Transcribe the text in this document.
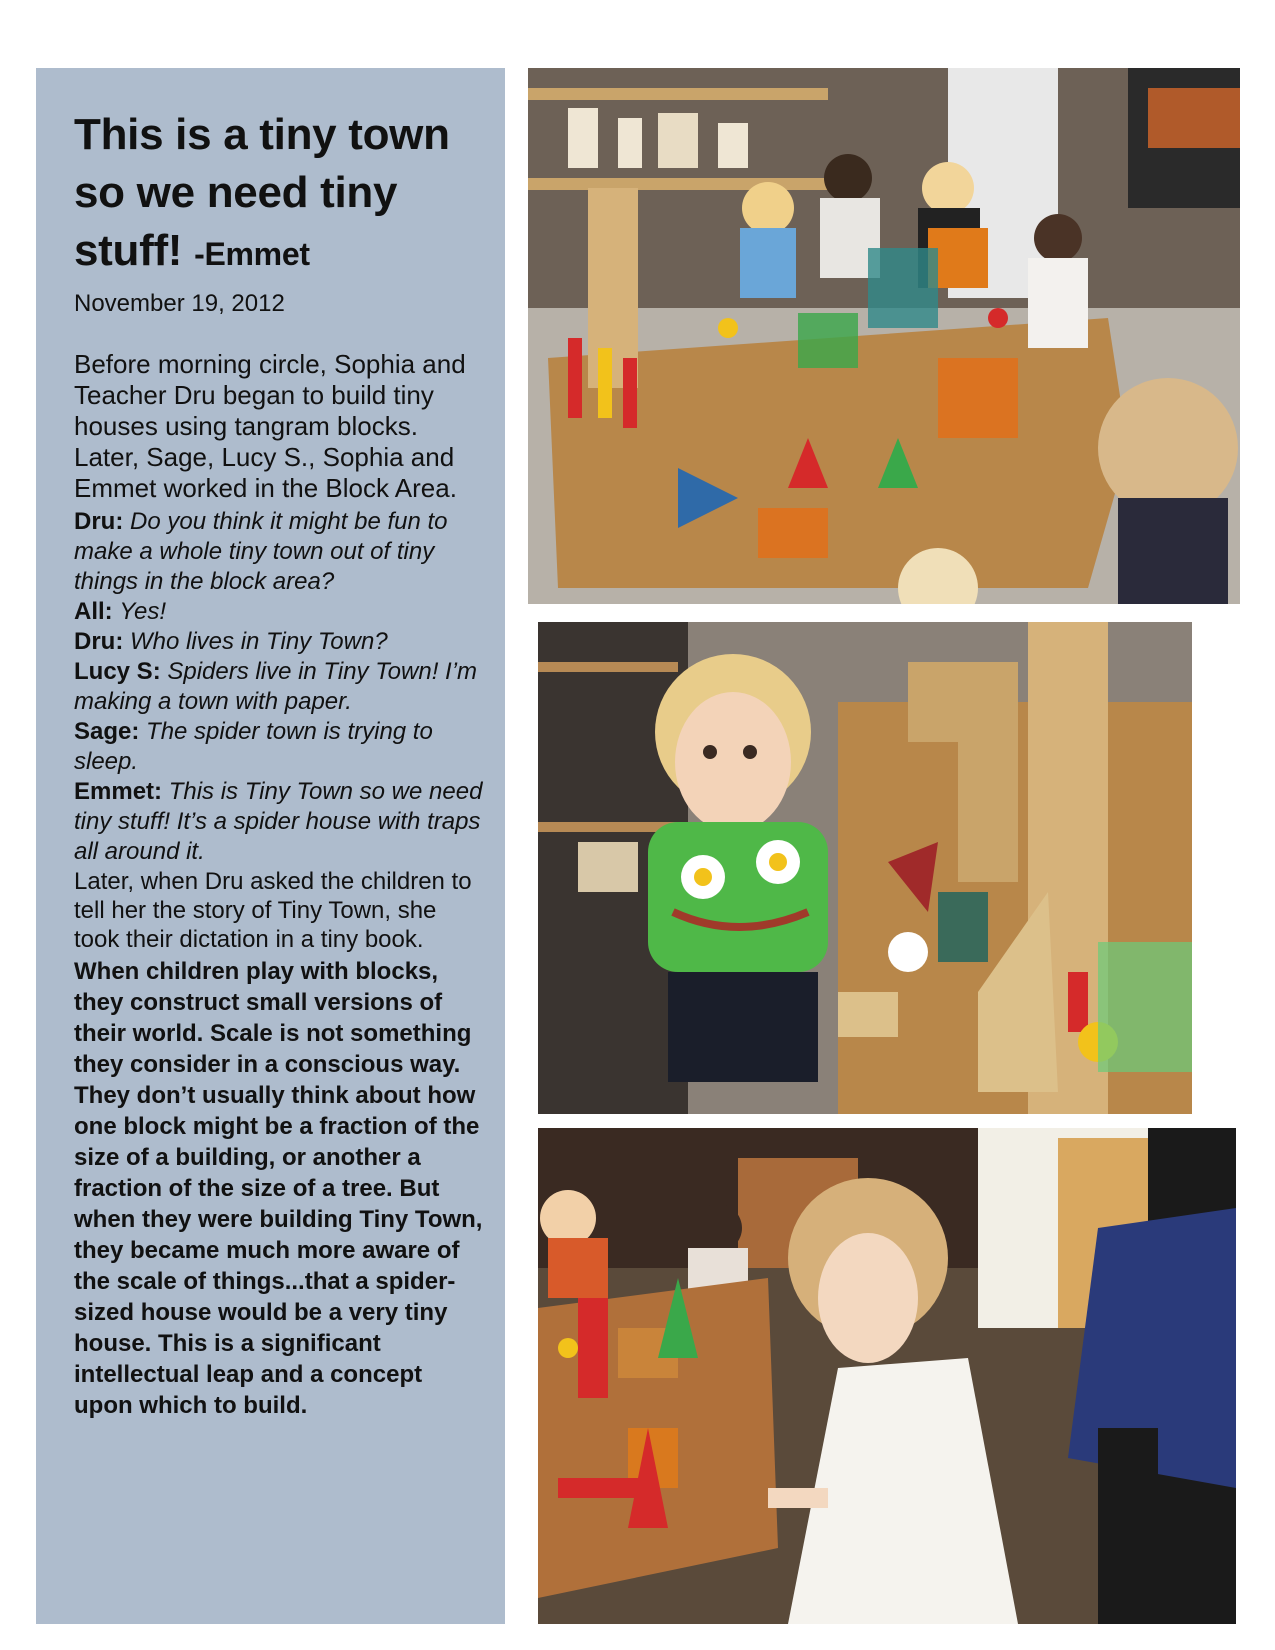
This is a tiny town so we need tiny stuff! -Emmet

November 19, 2012

Before morning circle, Sophia and Teacher Dru began to build tiny houses using tangram blocks. Later, Sage, Lucy S., Sophia and Emmet worked in the Block Area.

Dru: Do you think it might be fun to make a whole tiny town out of tiny things in the block area?
All: Yes!
Dru: Who lives in Tiny Town?
Lucy S: Spiders live in Tiny Town! I’m making a town with paper.
Sage: The spider town is trying to sleep.
Emmet: This is Tiny Town so we need tiny stuff! It’s a spider house with traps all around it.

Later, when Dru asked the children to tell her the story of Tiny Town, she took their dictation in a tiny book.

When children play with blocks, they construct small versions of their world. Scale is not something they consider in a conscious way. They don’t usually think about how one block might be a fraction of the size of a building, or another a fraction of the size of a tree. But when they were building Tiny Town, they became much more aware of the scale of things...that a spider-sized house would be a very tiny house. This is a significant intellectual leap and a concept upon which to build.
